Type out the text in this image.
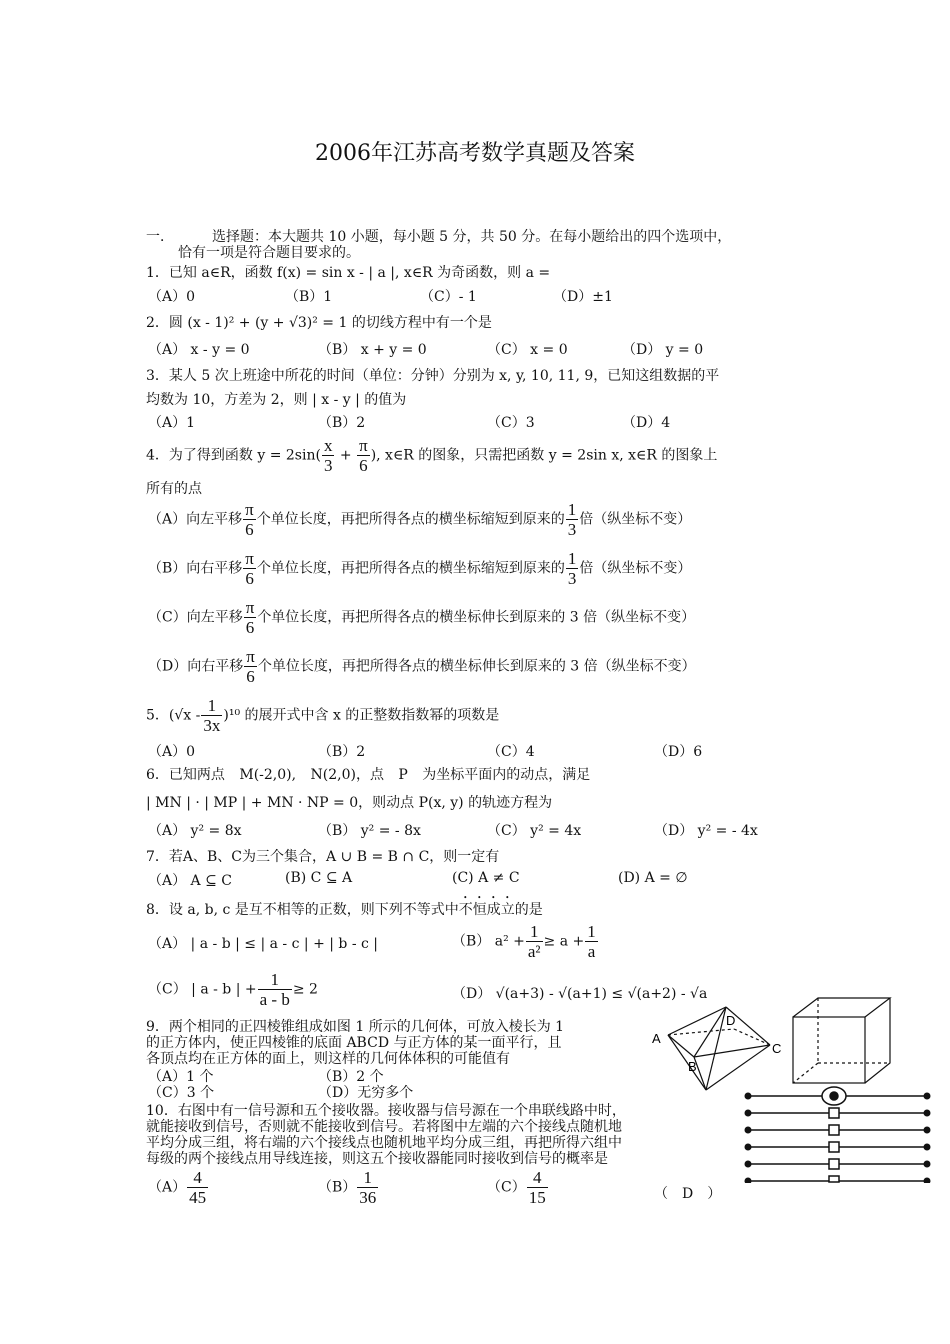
2006年江苏高考数学真题及答案
一．	选择题：本大题共 10 小题，每小题 5 分，共 50 分。在每小题给出的四个选项中，
恰有一项是符合题目要求的。
1．已知 a∈R，函数 f(x) = sin x - | a |, x∈R 为奇函数，则 a =
（A）0	（B）1	（C）- 1	（D）±1
2．圆 (x - 1)² + (y + √3)² = 1 的切线方程中有一个是
（A） x - y = 0	（B） x + y = 0	（C） x = 0	（D） y = 0
3．某人 5 次上班途中所花的时间（单位：分钟）分别为 x, y, 10, 11, 9，已知这组数据的平
均数为 10，方差为 2，则 | x - y | 的值为
（A）1	（B）2	（C）3	（D）4
4．为了得到函数 $y = 2\sin( \frac{x}{3} + \frac{\pi}{6}$ ), x∈R 的图象，只需把函数 y = 2sin x, x∈R 的图象上
所有的点
（A）向左平移 $\frac{\pi}{6}$ 个单位长度，再把所得各点的横坐标缩短到原来的 $\frac{1}{3}$ 倍（纵坐标不变）
（B）向右平移 $\frac{\pi}{6}$ 个单位长度，再把所得各点的横坐标缩短到原来的 $\frac{1}{3}$ 倍（纵坐标不变）
（C）向左平移 $\frac{\pi}{6}$ 个单位长度，再把所得各点的横坐标伸长到原来的 3 倍（纵坐标不变）
（D）向右平移 $\frac{\pi}{6}$ 个单位长度，再把所得各点的横坐标伸长到原来的 3 倍（纵坐标不变）
5．$(√x - \frac{1}{3x} )^{10}$ 的展开式中含 x 的正整数指数幂的项数是
（A）0	（B）2	（C）4	（D）6
6．已知两点 M(-2,0), N(2,0)，点 P 为坐标平面内的动点，满足
| MN | · | MP | + MN · NP = 0，则动点 P(x, y) 的轨迹方程为
（A） y² = 8x	（B） y² = - 8x	（C） y² = 4x	（D） y² = - 4x
7．若A、B、C为三个集合，A ∪ B = B ∩ C，则一定有
（A） A ⊆ C	(B) C ⊆ A	(C) A ≠ C	(D) A = ∅
8．设 a, b, c 是互不相等的正数，则下列不等式中不恒成立的是
（A） | a - b | ≤ | a - c | + | b - c |	（B） $a^2 + \frac{1}{\text{a²}} \ge a + \frac{1}{a}$
（C） | a - b | + $\frac{1}{a - b} \ge 2$	（D） √(a+3) - √(a+1) ≤ √(a+2) - √a
9．两个相同的正四棱锥组成如图 1 所示的几何体，可放入棱长为 1
的正方体内，使正四棱锥的底面 ABCD 与正方体的某一面平行，且
各顶点均在正方体的面上，则这样的几何体体积的可能值有
（A）1 个	（B）2 个
（C）3 个	（D）无穷多个
10．右图中有一信号源和五个接收器。接收器与信号源在一个串联线路中时，
就能接收到信号，否则就不能接收到信号。若将图中左端的六个接线点随机地
平均分成三组，将右端的六个接线点也随机地平均分成三组，再把所得六组中
每级的两个接线点用导线连接，则这五个接收器能同时接收到信号的概率是
$(A) \frac{4}{45}$	$(B) \frac{1}{36}$	$(C) \frac{4}{15}$	（　D　）
A
B
C
D
